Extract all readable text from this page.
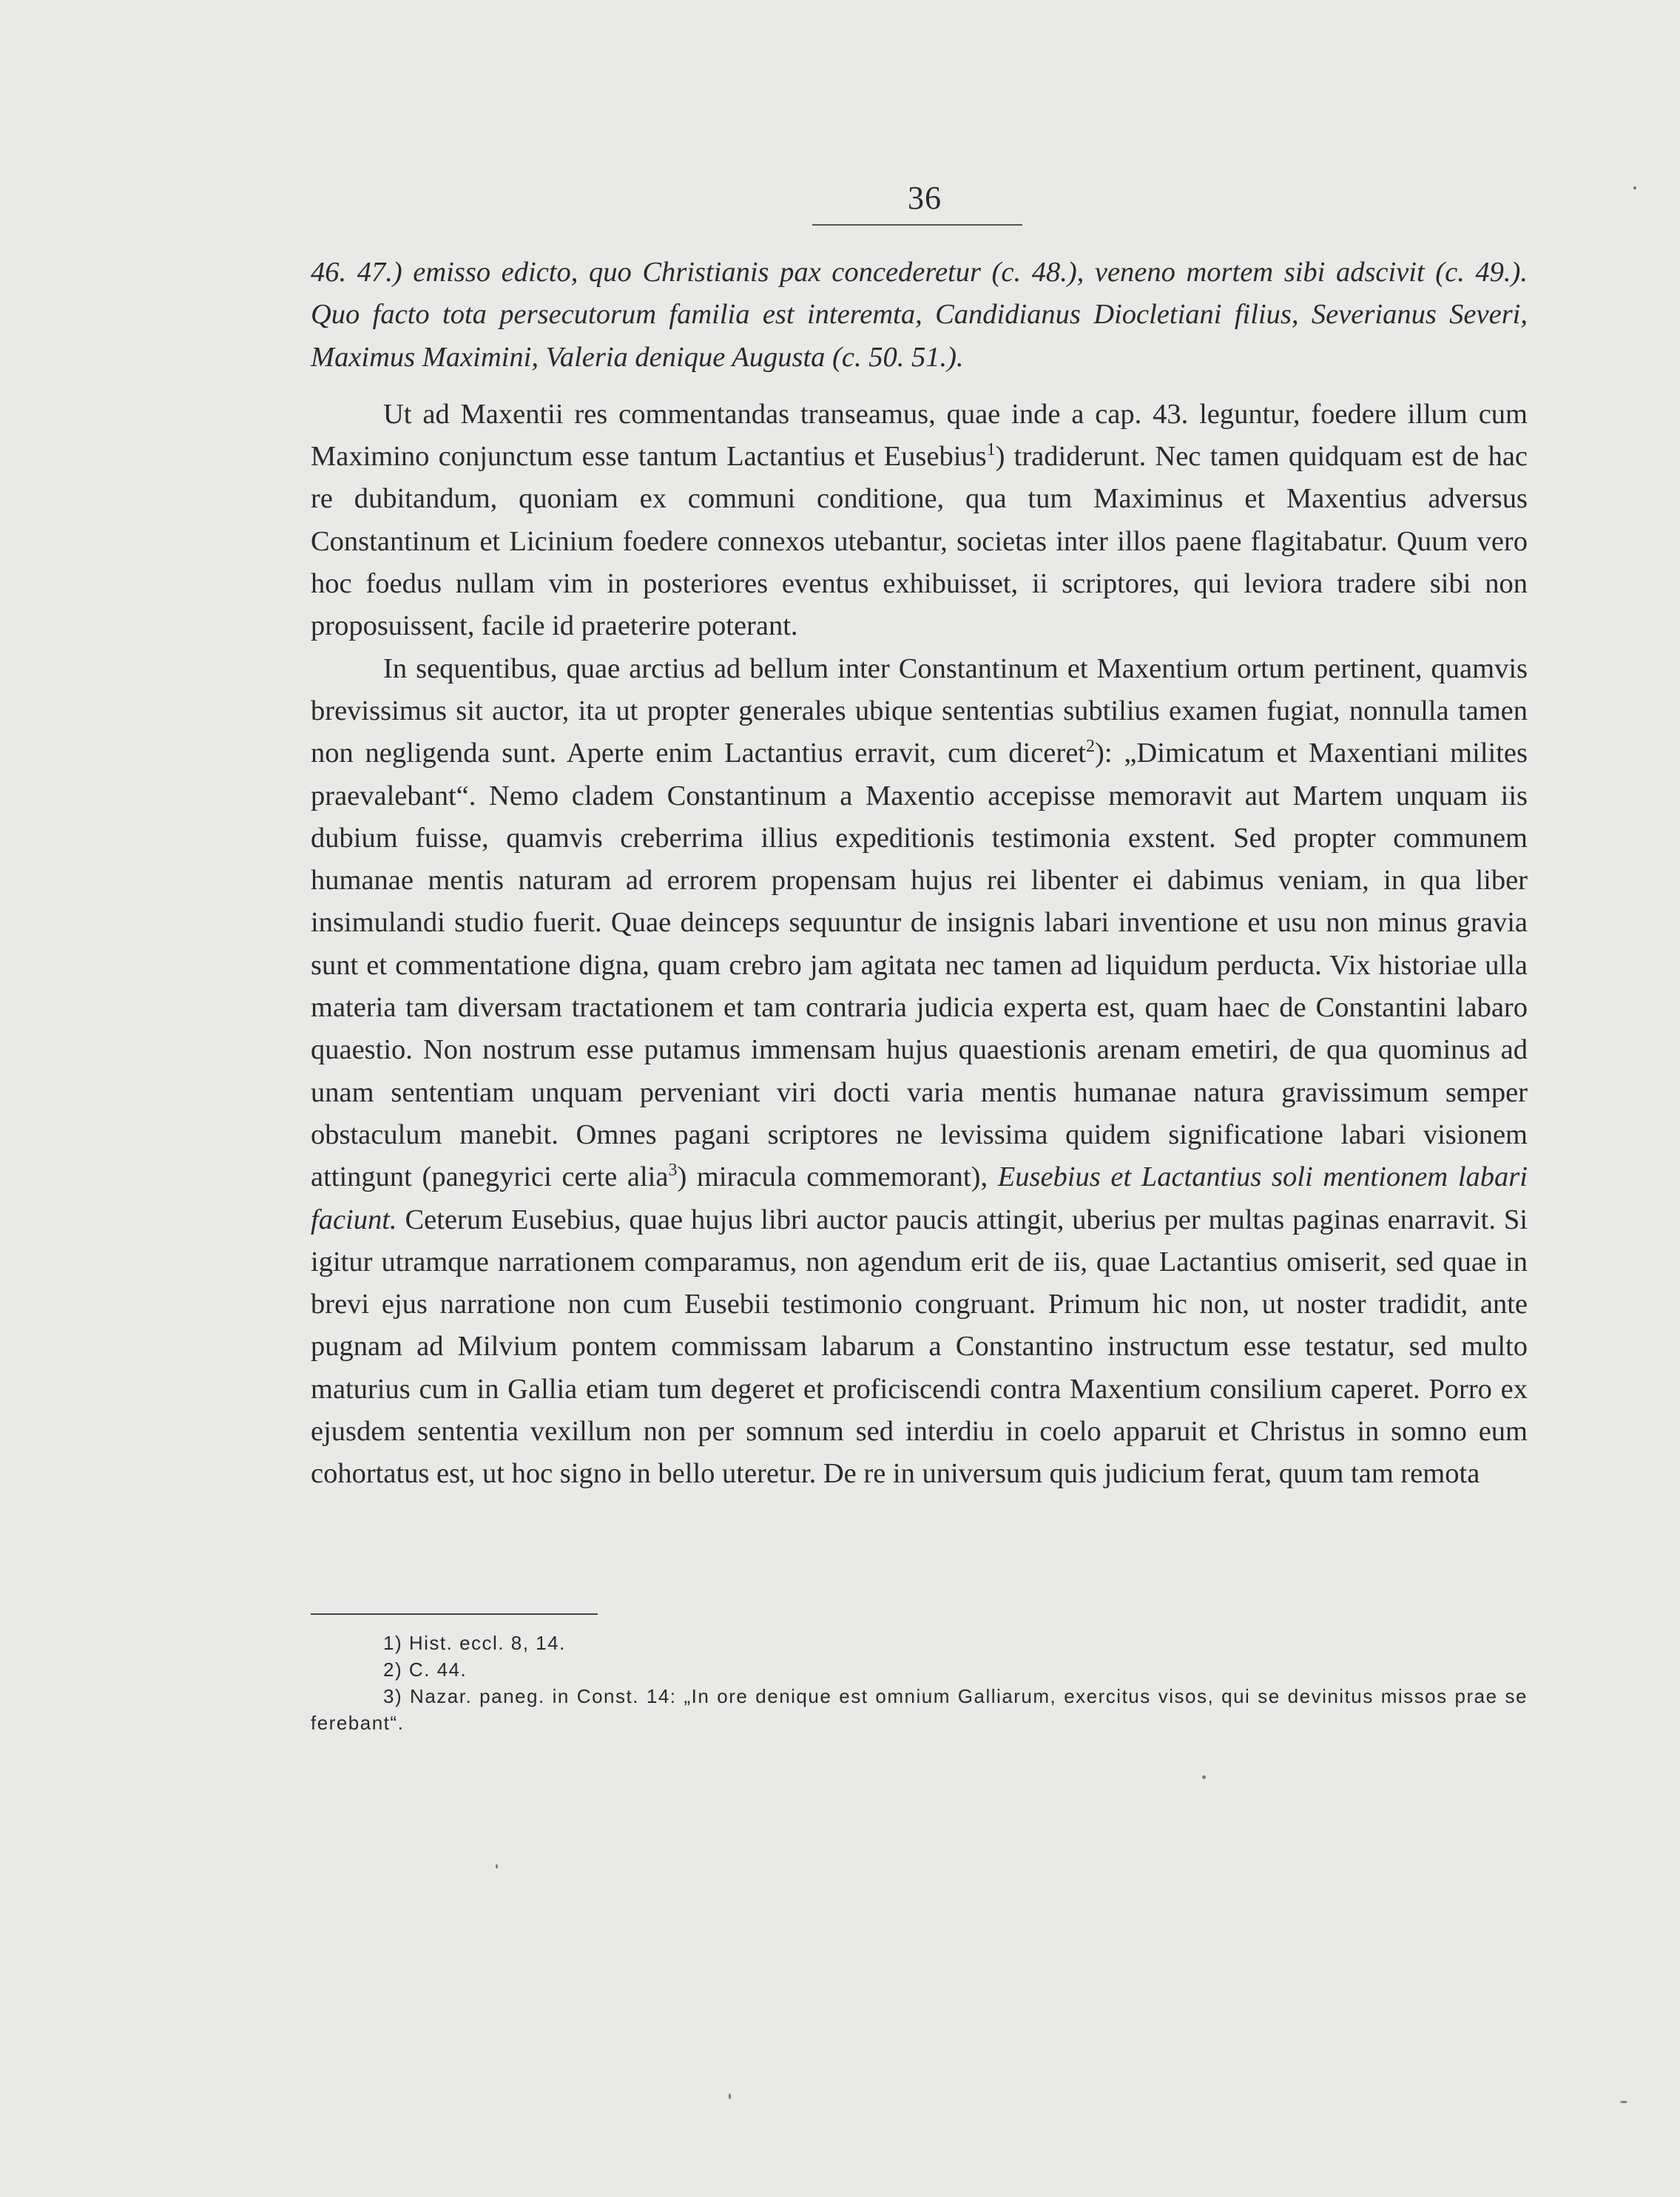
36

46. 47.) emisso edicto, quo Christianis pax concederetur (c. 48.), veneno mortem sibi adscivit (c. 49.). Quo facto tota persecutorum familia est interemta, Candidianus Diocletiani filius, Severianus Severi, Maximus Maximini, Valeria denique Augusta (c. 50. 51.).

Ut ad Maxentii res commentandas transeamus, quae inde a cap. 43. leguntur, foedere illum cum Maximino conjunctum esse tantum Lactantius et Eusebius$^1$) tradiderunt. Nec tamen quidquam est de hac re dubitandum, quoniam ex communi conditione, qua tum Maximinus et Maxentius adversus Constantinum et Licinium foedere connexos utebantur, societas inter illos paene flagitabatur. Quum vero hoc foedus nullam vim in posteriores eventus exhibuisset, ii scriptores, qui leviora tradere sibi non proposuissent, facile id praeterire poterant.

In sequentibus, quae arctius ad bellum inter Constantinum et Maxentium ortum pertinent, quamvis brevissimus sit auctor, ita ut propter generales ubique sententias subtilius examen fugiat, nonnulla tamen non negligenda sunt. Aperte enim Lactantius erravit, cum diceret$^2$): „Dimicatum et Maxentiani milites praevalebant“. Nemo cladem Constantinum a Maxentio accepisse memoravit aut Martem unquam iis dubium fuisse, quamvis creberrima illius expeditionis testimonia exstent. Sed propter communem humanae mentis naturam ad errorem propensam hujus rei libenter ei dabimus veniam, in qua liber insimulandi studio fuerit. Quae deinceps sequuntur de insignis labari inventione et usu non minus gravia sunt et commentatione digna, quam crebro jam agitata nec tamen ad liquidum perducta. Vix historiae ulla materia tam diversam tractationem et tam contraria judicia experta est, quam haec de Constantini labaro quaestio. Non nostrum esse putamus immensam hujus quaestionis arenam emetiri, de qua quominus ad unam sententiam unquam perveniant viri docti varia mentis humanae natura gravissimum semper obstaculum manebit. Omnes pagani scriptores ne levissima quidem significatione labari visionem attingunt (panegyrici certe alia$^3$) miracula commemorant), Eusebius et Lactantius soli mentionem labari faciunt. Ceterum Eusebius, quae hujus libri auctor paucis attingit, uberius per multas paginas enarravit. Si igitur utramque narrationem comparamus, non agendum erit de iis, quae Lactantius omiserit, sed quae in brevi ejus narratione non cum Eusebii testimonio congruant. Primum hic non, ut noster tradidit, ante pugnam ad Milvium pontem commissam labarum a Constantino instructum esse testatur, sed multo maturius cum in Gallia etiam tum degeret et proficiscendi contra Maxentium consilium caperet. Porro ex ejusdem sententia vexillum non per somnum sed interdiu in coelo apparuit et Christus in somno eum cohortatus est, ut hoc signo in bello uteretur. De re in universum quis judicium ferat, quum tam remota

1) Hist. eccl. 8, 14.

2) C. 44.

3) Nazar. paneg. in Const. 14: „In ore denique est omnium Galliarum, exercitus visos, qui se devinitus missos prae se ferebant“.
